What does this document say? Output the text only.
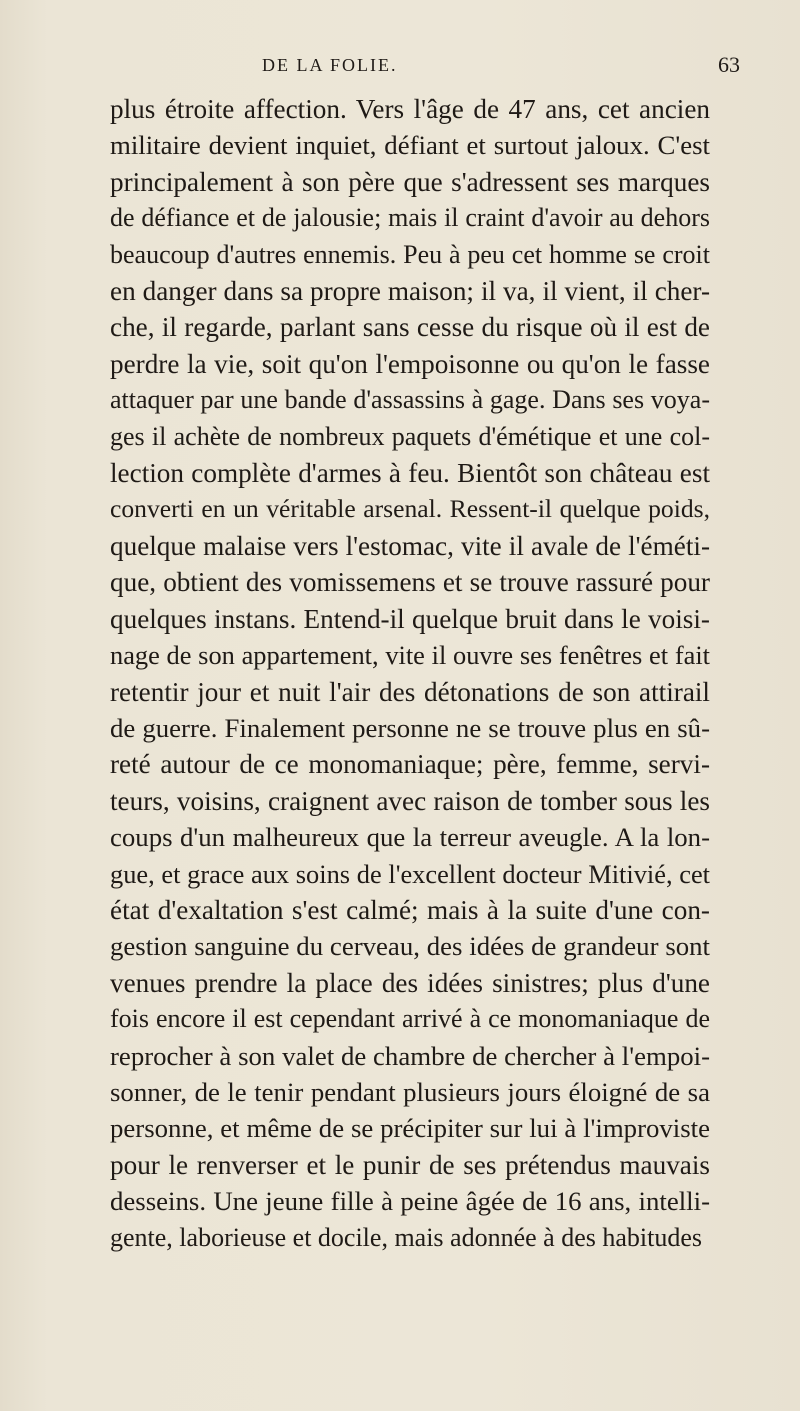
DE LA FOLIE.	63
plus étroite affection. Vers l'âge de 47 ans, cet ancien
militaire devient inquiet, défiant et surtout jaloux. C'est
principalement à son père que s'adressent ses marques
de défiance et de jalousie; mais il craint d'avoir au dehors
beaucoup d'autres ennemis. Peu à peu cet homme se croit
en danger dans sa propre maison; il va, il vient, il cher-
che, il regarde, parlant sans cesse du risque où il est de
perdre la vie, soit qu'on l'empoisonne ou qu'on le fasse
attaquer par une bande d'assassins à gage. Dans ses voya-
ges il achète de nombreux paquets d'émétique et une col-
lection complète d'armes à feu. Bientôt son château est
converti en un véritable arsenal. Ressent-il quelque poids,
quelque malaise vers l'estomac, vite il avale de l'éméti-
que, obtient des vomissemens et se trouve rassuré pour
quelques instans. Entend-il quelque bruit dans le voisi-
nage de son appartement, vite il ouvre ses fenêtres et fait
retentir jour et nuit l'air des détonations de son attirail
de guerre. Finalement personne ne se trouve plus en sû-
reté autour de ce monomaniaque; père, femme, servi-
teurs, voisins, craignent avec raison de tomber sous les
coups d'un malheureux que la terreur aveugle. A la lon-
gue, et grace aux soins de l'excellent docteur Mitivié, cet
état d'exaltation s'est calmé; mais à la suite d'une con-
gestion sanguine du cerveau, des idées de grandeur sont
venues prendre la place des idées sinistres; plus d'une
fois encore il est cependant arrivé à ce monomaniaque de
reprocher à son valet de chambre de chercher à l'empoi-
sonner, de le tenir pendant plusieurs jours éloigné de sa
personne, et même de se précipiter sur lui à l'improviste
pour le renverser et le punir de ses prétendus mauvais
desseins. Une jeune fille à peine âgée de 16 ans, intelli-
gente, laborieuse et docile, mais adonnée à des habitudes
